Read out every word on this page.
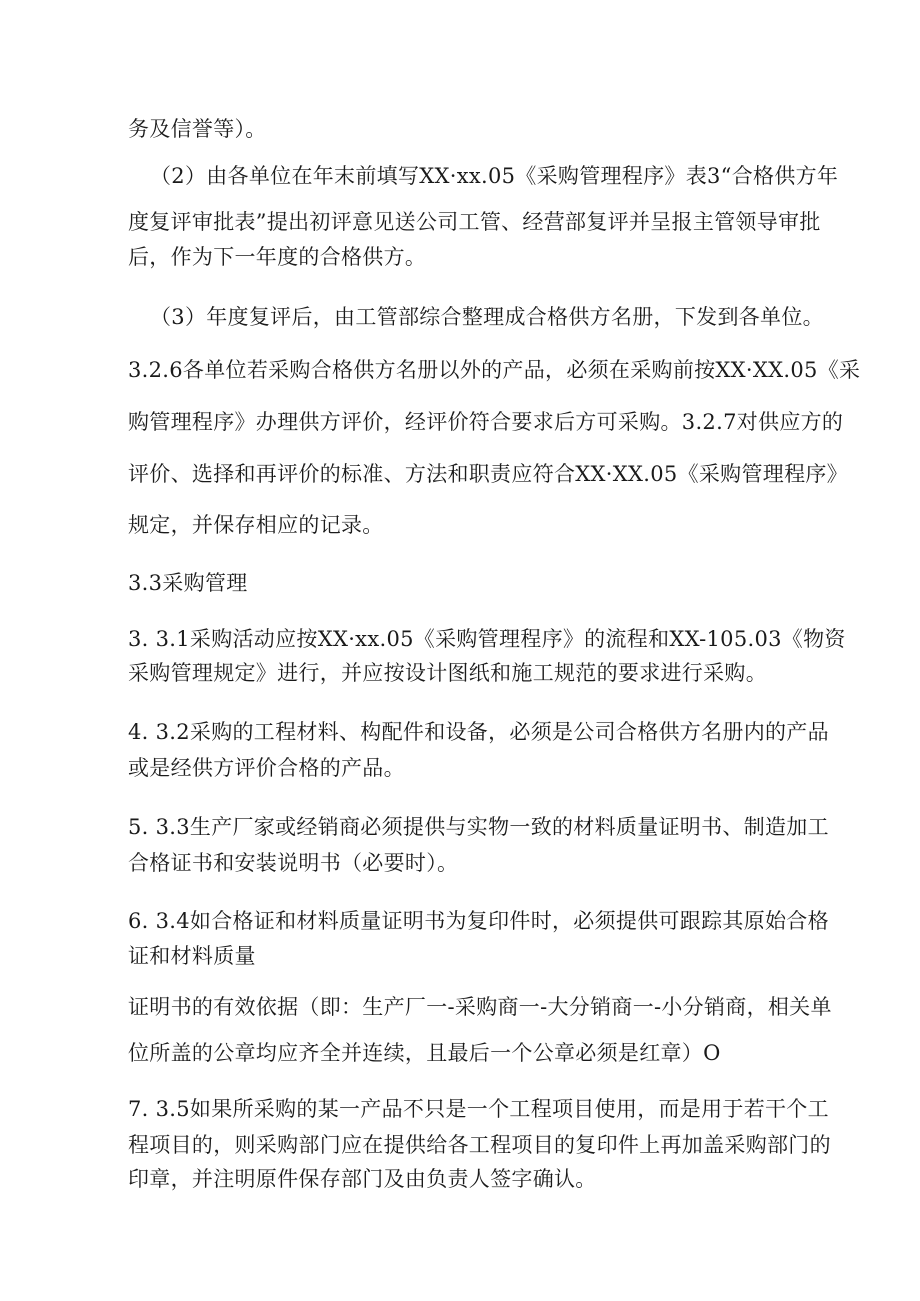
务及信誉等）。
（2）由各单位在年末前填写XX·xx.05《采购管理程序》表3“合格供方年
度复评审批表”提出初评意见送公司工管、经营部复评并呈报主管领导审批
后，作为下一年度的合格供方。
（3）年度复评后，由工管部综合整理成合格供方名册，下发到各单位。
3.2.6各单位若采购合格供方名册以外的产品，必须在采购前按XX·XX.05《采
购管理程序》办理供方评价，经评价符合要求后方可采购。3.2.7对供应方的
评价、选择和再评价的标准、方法和职责应符合XX·XX.05《采购管理程序》
规定，并保存相应的记录。
3.3采购管理
3. 3.1采购活动应按XX·xx.05《采购管理程序》的流程和XX-105.03《物资
采购管理规定》进行，并应按设计图纸和施工规范的要求进行采购。
4. 3.2采购的工程材料、构配件和设备，必须是公司合格供方名册内的产品
或是经供方评价合格的产品。
5. 3.3生产厂家或经销商必须提供与实物一致的材料质量证明书、制造加工
合格证书和安装说明书（必要时）。
6. 3.4如合格证和材料质量证明书为复印件时，必须提供可跟踪其原始合格
证和材料质量
证明书的有效依据（即：生产厂一-采购商一-大分销商一-小分销商，相关单
位所盖的公章均应齐全并连续，且最后一个公章必须是红章）O
7. 3.5如果所采购的某一产品不只是一个工程项目使用，而是用于若干个工
程项目的，则采购部门应在提供给各工程项目的复印件上再加盖采购部门的
印章，并注明原件保存部门及由负责人签字确认。
